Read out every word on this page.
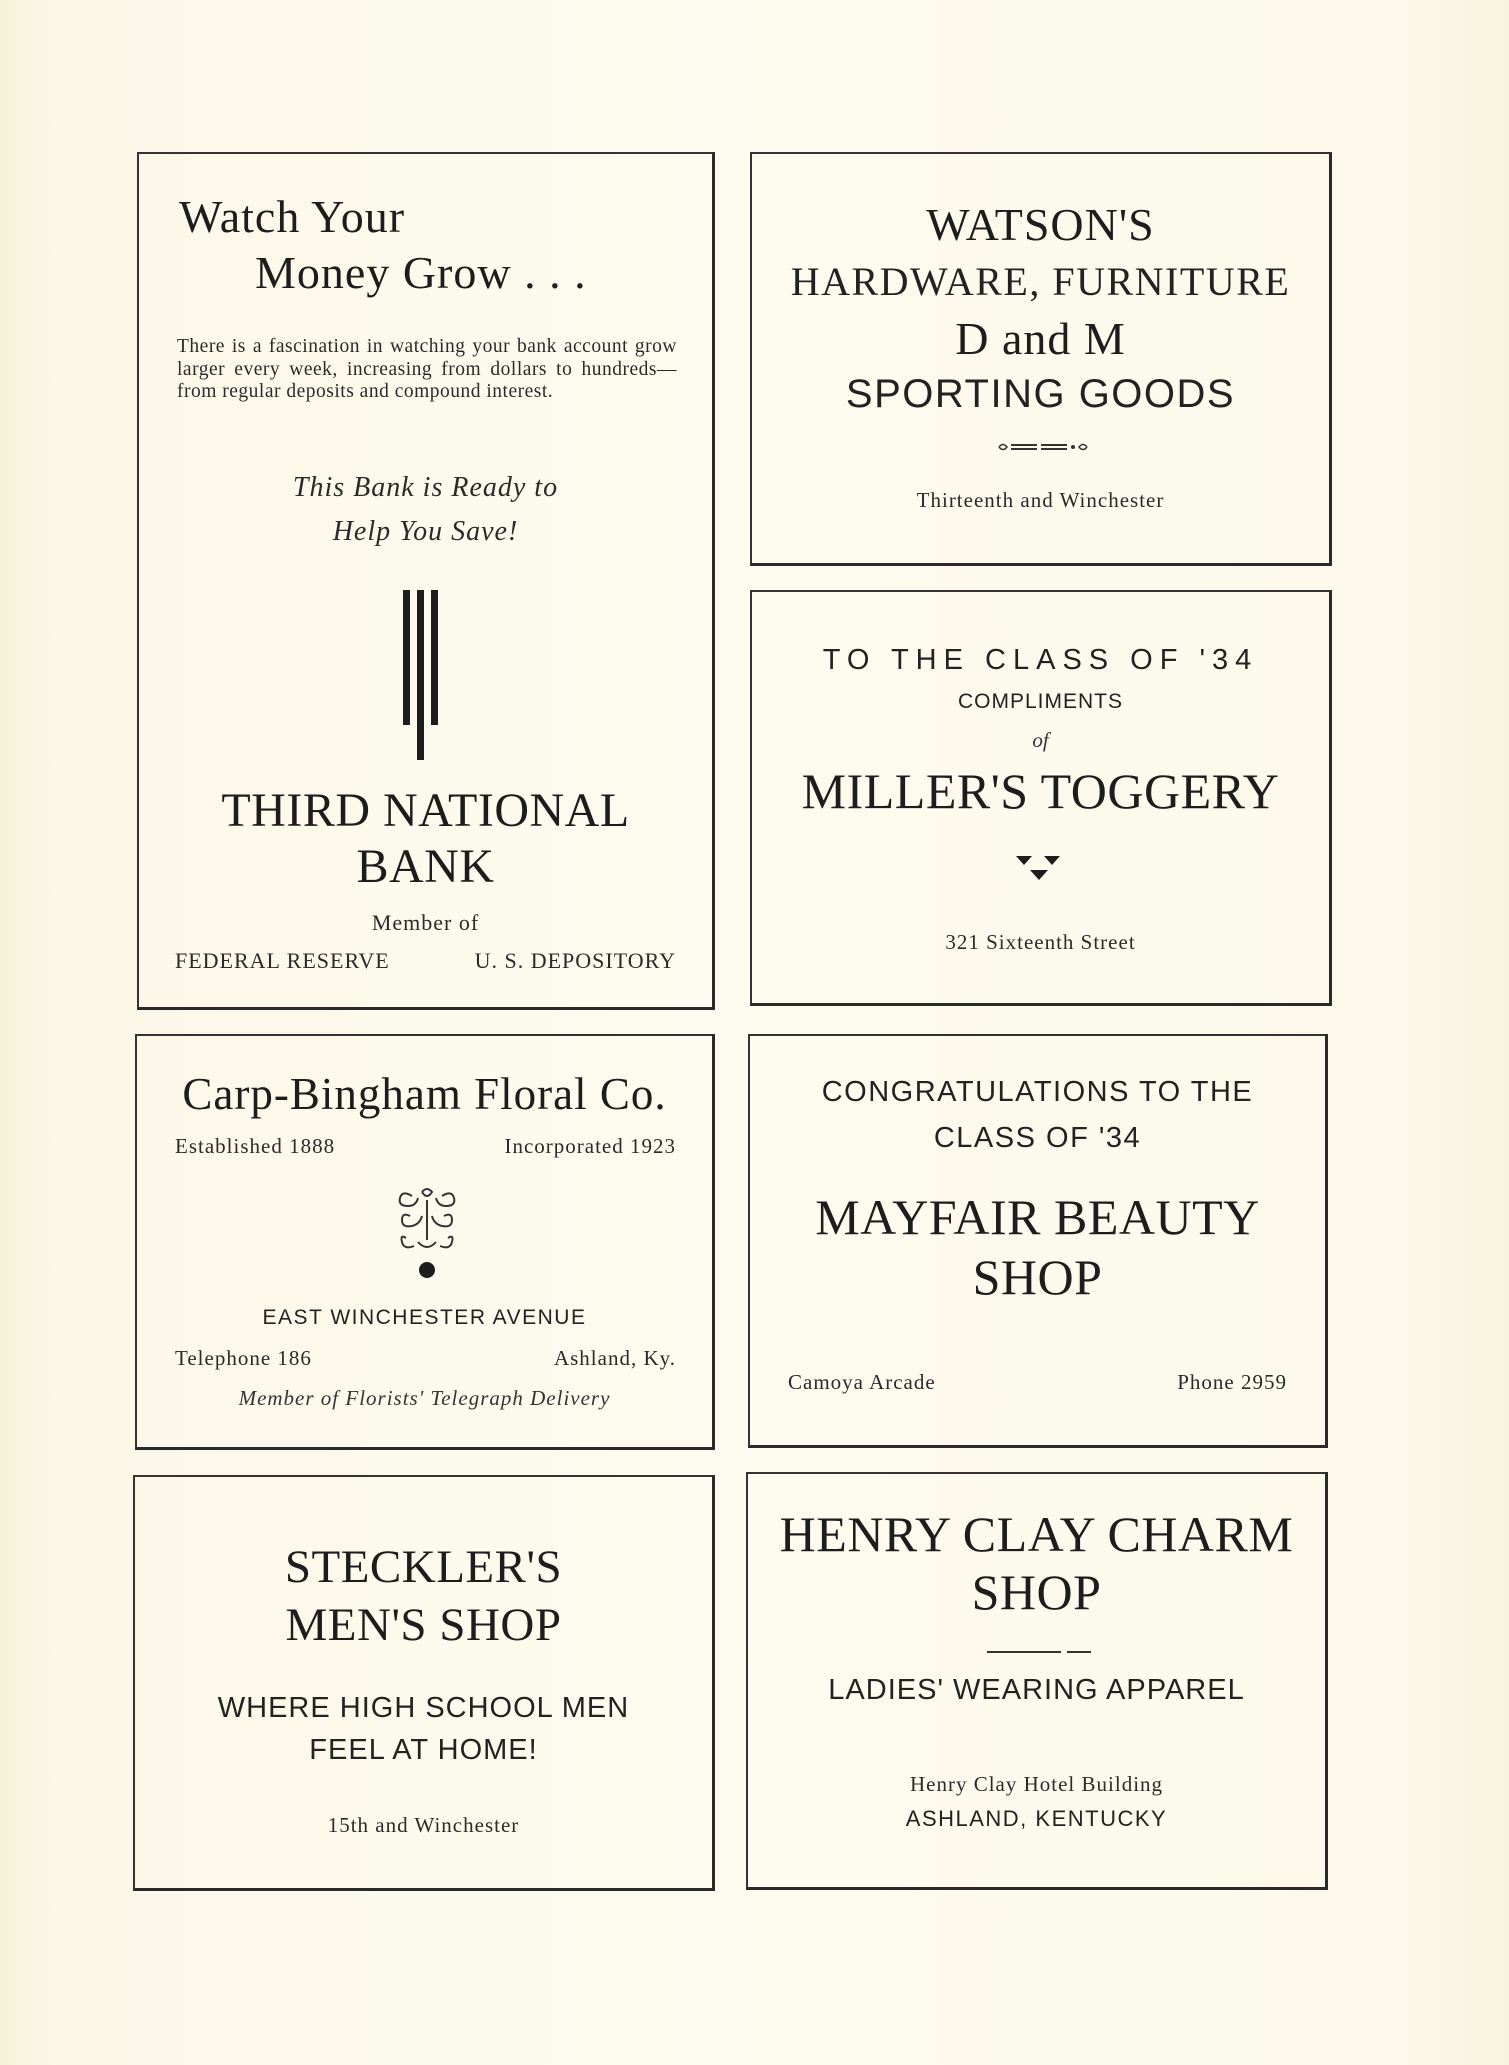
Watch Your
Money Grow . . .
There is a fascination in watching your bank account grow larger every week, increasing from dollars to hundreds—from regular deposits and compound interest.
This Bank is Ready to
Help You Save!
THIRD NATIONAL
BANK
Member of
FEDERAL RESERVE	U. S. DEPOSITORY
WATSON'S
HARDWARE, FURNITURE
D and M
SPORTING GOODS
Thirteenth and Winchester
TO THE CLASS OF '34
COMPLIMENTS
of
MILLER'S TOGGERY
321 Sixteenth Street
Carp-Bingham Floral Co.
Established 1888	Incorporated 1923
EAST WINCHESTER AVENUE
Telephone 186	Ashland, Ky.
Member of Florists' Telegraph Delivery
CONGRATULATIONS TO THE
CLASS OF '34
MAYFAIR BEAUTY
SHOP
Camoya Arcade	Phone 2959
STECKLER'S
MEN'S SHOP
WHERE HIGH SCHOOL MEN
FEEL AT HOME!
15th and Winchester
HENRY CLAY CHARM
SHOP
LADIES' WEARING APPAREL
Henry Clay Hotel Building
ASHLAND, KENTUCKY
